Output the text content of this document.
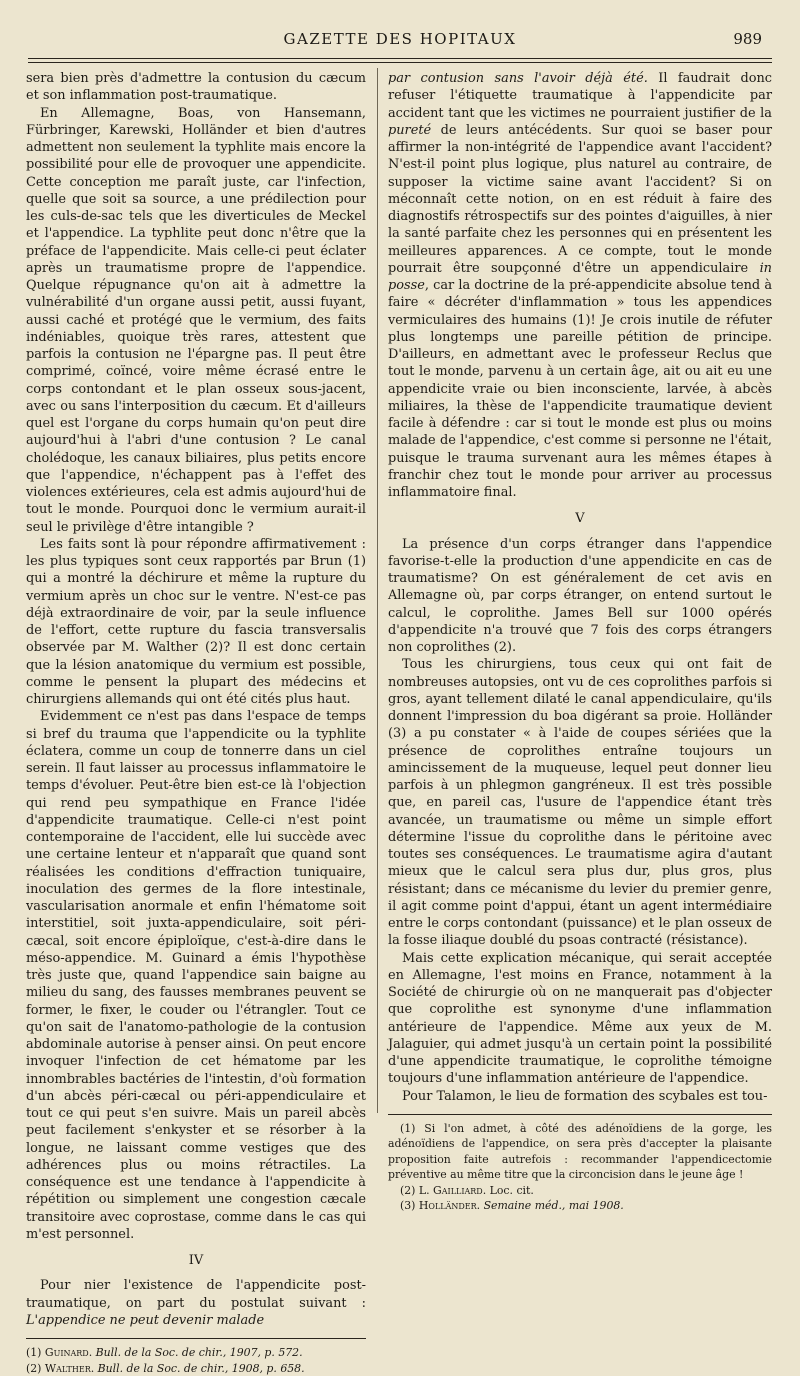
GAZETTE DES HOPITAUX	989

sera bien près d'admettre la contusion du cæcum et son inflammation post-traumatique.

En Allemagne, Boas, von Hansemann, Fürbringer, Karewski, Holländer et bien d'autres admettent non seulement la typhlite mais encore la possibilité pour elle de provoquer une appendicite. Cette conception me paraît juste, car l'infection, quelle que soit sa source, a une prédilection pour les culs-de-sac tels que les diverticules de Meckel et l'appendice. La typhlite peut donc n'être que la préface de l'appendicite. Mais celle-ci peut éclater après un traumatisme propre de l'appendice. Quelque répugnance qu'on ait à admettre la vulnérabilité d'un organe aussi petit, aussi fuyant, aussi caché et protégé que le vermium, des faits indéniables, quoique très rares, attestent que parfois la contusion ne l'épargne pas. Il peut être comprimé, coïncé, voire même écrasé entre le corps contondant et le plan osseux sous-jacent, avec ou sans l'interposition du cæcum. Et d'ailleurs quel est l'organe du corps humain qu'on peut dire aujourd'hui à l'abri d'une contusion ? Le canal cholédoque, les canaux biliaires, plus petits encore que l'appendice, n'échappent pas à l'effet des violences extérieures, cela est admis aujourd'hui de tout le monde. Pourquoi donc le vermium aurait-il seul le privilège d'être intangible ?

Les faits sont là pour répondre affirmativement : les plus typiques sont ceux rapportés par Brun (1) qui a montré la déchirure et même la rupture du vermium après un choc sur le ventre. N'est-ce pas déjà extraordinaire de voir, par la seule influence de l'effort, cette rupture du fascia transversalis observée par M. Walther (2)? Il est donc certain que la lésion anatomique du vermium est possible, comme le pensent la plupart des médecins et chirurgiens allemands qui ont été cités plus haut.

Evidemment ce n'est pas dans l'espace de temps si bref du trauma que l'appendicite ou la typhlite éclatera, comme un coup de tonnerre dans un ciel serein. Il faut laisser au processus inflammatoire le temps d'évoluer. Peut-être bien est-ce là l'objection qui rend peu sympathique en France l'idée d'appendicite traumatique. Celle-ci n'est point contemporaine de l'accident, elle lui succède avec une certaine lenteur et n'apparaît que quand sont réalisées les conditions d'effraction tuniquaire, inoculation des germes de la flore intestinale, vascularisation anormale et enfin l'hématome soit interstitiel, soit juxta-appendiculaire, soit péri-cæcal, soit encore épiploïque, c'est-à-dire dans le méso-appendice. M. Guinard a émis l'hypothèse très juste que, quand l'appendice sain baigne au milieu du sang, des fausses membranes peuvent se former, le fixer, le couder ou l'étrangler. Tout ce qu'on sait de l'anatomo-pathologie de la contusion abdominale autorise à penser ainsi. On peut encore invoquer l'infection de cet hématome par les innombrables bactéries de l'intestin, d'où formation d'un abcès péri-cæcal ou péri-appendiculaire et tout ce qui peut s'en suivre. Mais un pareil abcès peut facilement s'enkyster et se résorber à la longue, ne laissant comme vestiges que des adhérences plus ou moins rétractiles. La conséquence est une tendance à l'appendicite à répétition ou simplement une congestion cæcale transitoire avec coprostase, comme dans le cas qui m'est personnel.

IV

Pour nier l'existence de l'appendicite post-traumatique, on part du postulat suivant : L'appendice ne peut devenir malade

(1) Guinard. Bull. de la Soc. de chir., 1907, p. 572.
(2) Walther. Bull. de la Soc. de chir., 1908, p. 658.

par contusion sans l'avoir déjà été. Il faudrait donc refuser l'étiquette traumatique à l'appendicite par accident tant que les victimes ne pourraient justifier de la pureté de leurs antécédents. Sur quoi se baser pour affirmer la non-intégrité de l'appendice avant l'accident? N'est-il point plus logique, plus naturel au contraire, de supposer la victime saine avant l'accident? Si on méconnaît cette notion, on en est réduit à faire des diagnostifs rétrospectifs sur des pointes d'aiguilles, à nier la santé parfaite chez les personnes qui en présentent les meilleures apparences. A ce compte, tout le monde pourrait être soupçonné d'être un appendiculaire in posse, car la doctrine de la pré-appendicite absolue tend à faire « décréter d'inflammation » tous les appendices vermiculaires des humains (1)! Je crois inutile de réfuter plus longtemps une pareille pétition de principe. D'ailleurs, en admettant avec le professeur Reclus que tout le monde, parvenu à un certain âge, ait ou ait eu une appendicite vraie ou bien inconsciente, larvée, à abcès miliaires, la thèse de l'appendicite traumatique devient facile à défendre : car si tout le monde est plus ou moins malade de l'appendice, c'est comme si personne ne l'était, puisque le trauma survenant aura les mêmes étapes à franchir chez tout le monde pour arriver au processus inflammatoire final.

V

La présence d'un corps étranger dans l'appendice favorise-t-elle la production d'une appendicite en cas de traumatisme? On est généralement de cet avis en Allemagne où, par corps étranger, on entend surtout le calcul, le coprolithe. James Bell sur 1000 opérés d'appendicite n'a trouvé que 7 fois des corps étrangers non coprolithes (2).

Tous les chirurgiens, tous ceux qui ont fait de nombreuses autopsies, ont vu de ces coprolithes parfois si gros, ayant tellement dilaté le canal appendiculaire, qu'ils donnent l'impression du boa digérant sa proie. Holländer (3) a pu constater « à l'aide de coupes sériées que la présence de coprolithes entraîne toujours un amincissement de la muqueuse, lequel peut donner lieu parfois à un phlegmon gangréneux. Il est très possible que, en pareil cas, l'usure de l'appendice étant très avancée, un traumatisme ou même un simple effort détermine l'issue du coprolithe dans le péritoine avec toutes ses conséquences. Le traumatisme agira d'autant mieux que le calcul sera plus dur, plus gros, plus résistant; dans ce mécanisme du levier du premier genre, il agit comme point d'appui, étant un agent intermédiaire entre le corps contondant (puissance) et le plan osseux de la fosse iliaque doublé du psoas contracté (résistance).

Mais cette explication mécanique, qui serait acceptée en Allemagne, l'est moins en France, notamment à la Société de chirurgie où on ne manquerait pas d'objecter que coprolithe est synonyme d'une inflammation antérieure de l'appendice. Même aux yeux de M. Jalaguier, qui admet jusqu'à un certain point la possibilité d'une appendicite traumatique, le coprolithe témoigne toujours d'une inflammation antérieure de l'appendice.

Pour Talamon, le lieu de formation des scybales est tou-

(1) Si l'on admet, à côté des adénoïdiens de la gorge, les adénoïdiens de l'appendice, on sera près d'accepter la plaisante proposition faite autrefois : recommander l'appendicectomie préventive au même titre que la circoncision dans le jeune âge !
(2) L. Gailliard. Loc. cit.
(3) Holländer. Semaine méd., mai 1908.
